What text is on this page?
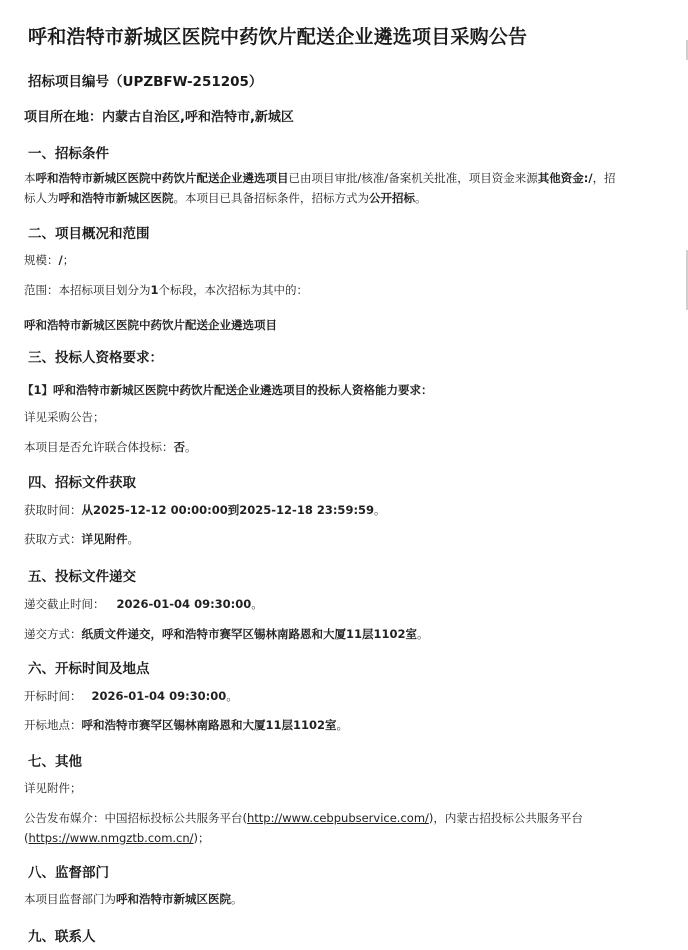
呼和浩特市新城区医院中药饮片配送企业遴选项目采购公告
招标项目编号（UPZBFW-251205）
项目所在地：内蒙古自治区,呼和浩特市,新城区
一、招标条件
本呼和浩特市新城区医院中药饮片配送企业遴选项目已由项目审批/核准/备案机关批准，项目资金来源其他资金:/，招标人为呼和浩特市新城区医院。本项目已具备招标条件，招标方式为公开招标。
二、项目概况和范围
规模：/；
范围：本招标项目划分为1个标段，本次招标为其中的：
呼和浩特市新城区医院中药饮片配送企业遴选项目
三、投标人资格要求：
【1】呼和浩特市新城区医院中药饮片配送企业遴选项目的投标人资格能力要求：
详见采购公告；
本项目是否允许联合体投标：否。
四、招标文件获取
获取时间：从2025-12-12 00:00:00到2025-12-18 23:59:59。
获取方式：详见附件。
五、投标文件递交
递交截止时间： 2026-01-04 09:30:00。
递交方式：纸质文件递交，呼和浩特市赛罕区锡林南路恩和大厦11层1102室。
六、开标时间及地点
开标时间： 2026-01-04 09:30:00。
开标地点：呼和浩特市赛罕区锡林南路恩和大厦11层1102室。
七、其他
详见附件；
公告发布媒介：中国招标投标公共服务平台(http://www.cebpubservice.com/)，内蒙古招投标公共服务平台
(https://www.nmgztb.com.cn/)；
八、监督部门
本项目监督部门为呼和浩特市新城区医院。
九、联系人
